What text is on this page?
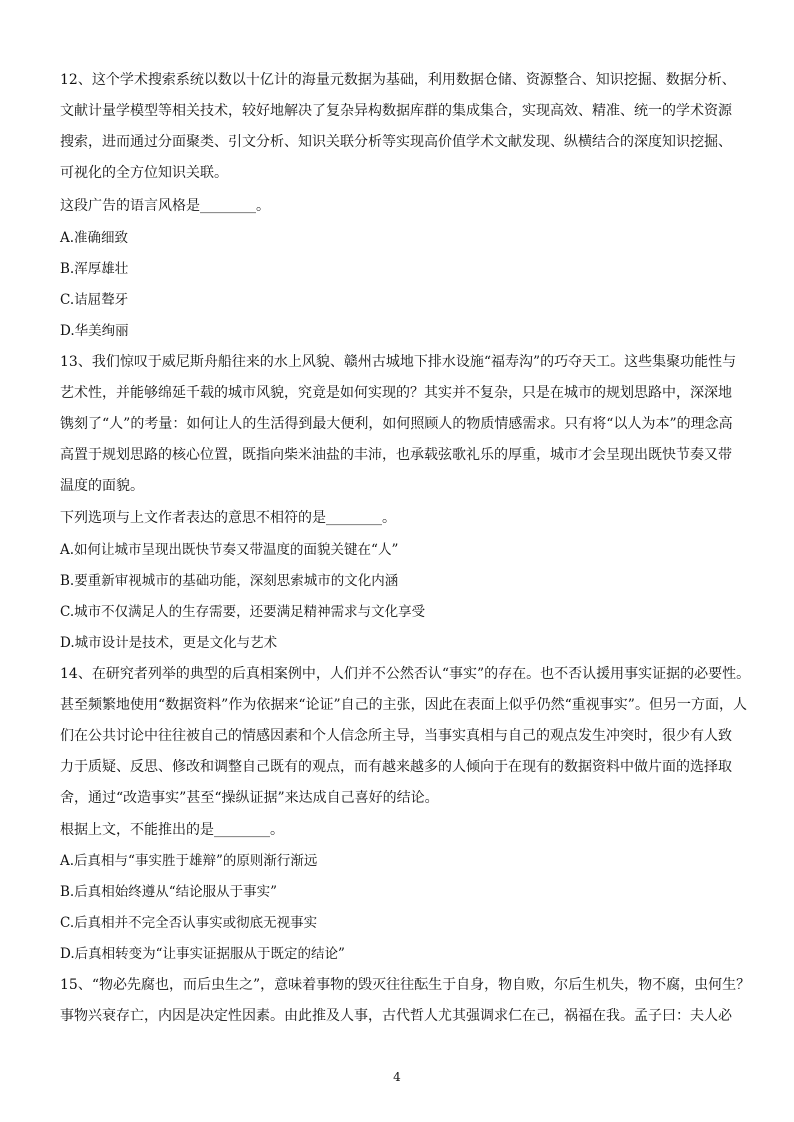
12、这个学术搜索系统以数以十亿计的海量元数据为基础，利用数据仓储、资源整合、知识挖掘、数据分析、
文献计量学模型等相关技术，较好地解决了复杂异构数据库群的集成集合，实现高效、精准、统一的学术资源
搜索，进而通过分面聚类、引文分析、知识关联分析等实现高价值学术文献发现、纵横结合的深度知识挖掘、
可视化的全方位知识关联。
这段广告的语言风格是________。
A.准确细致
B.浑厚雄壮
C.诘屈聱牙
D.华美绚丽
13、我们惊叹于威尼斯舟船往来的水上风貌、赣州古城地下排水设施“福寿沟”的巧夺天工。这些集聚功能性与
艺术性，并能够绵延千载的城市风貌，究竟是如何实现的？其实并不复杂，只是在城市的规划思路中，深深地
镌刻了“人”的考量：如何让人的生活得到最大便利，如何照顾人的物质情感需求。只有将“以人为本”的理念高
高置于规划思路的核心位置，既指向柴米油盐的丰沛，也承载弦歌礼乐的厚重，城市才会呈现出既快节奏又带
温度的面貌。
下列选项与上文作者表达的意思不相符的是________。
A.如何让城市呈现出既快节奏又带温度的面貌关键在“人”
B.要重新审视城市的基础功能，深刻思索城市的文化内涵
C.城市不仅满足人的生存需要，还要满足精神需求与文化享受
D.城市设计是技术，更是文化与艺术
14、在研究者列举的典型的后真相案例中，人们并不公然否认“事实”的存在。也不否认援用事实证据的必要性。
甚至频繁地使用“数据资料”作为依据来“论证”自己的主张，因此在表面上似乎仍然“重视事实”。但另一方面，人
们在公共讨论中往往被自己的情感因素和个人信念所主导，当事实真相与自己的观点发生冲突时，很少有人致
力于质疑、反思、修改和调整自己既有的观点，而有越来越多的人倾向于在现有的数据资料中做片面的选择取
舍，通过“改造事实”甚至“操纵证据”来达成自己喜好的结论。
根据上文，不能推出的是________。
A.后真相与“事实胜于雄辩”的原则渐行渐远
B.后真相始终遵从“结论服从于事实”
C.后真相并不完全否认事实或彻底无视事实
D.后真相转变为“让事实证据服从于既定的结论”
15、“物必先腐也，而后虫生之”，意味着事物的毁灭往往酝生于自身，物自败，尔后生机失，物不腐，虫何生？
事物兴衰存亡，内因是决定性因素。由此推及人事，古代哲人尤其强调求仁在己，祸福在我。孟子曰：夫人必
4
